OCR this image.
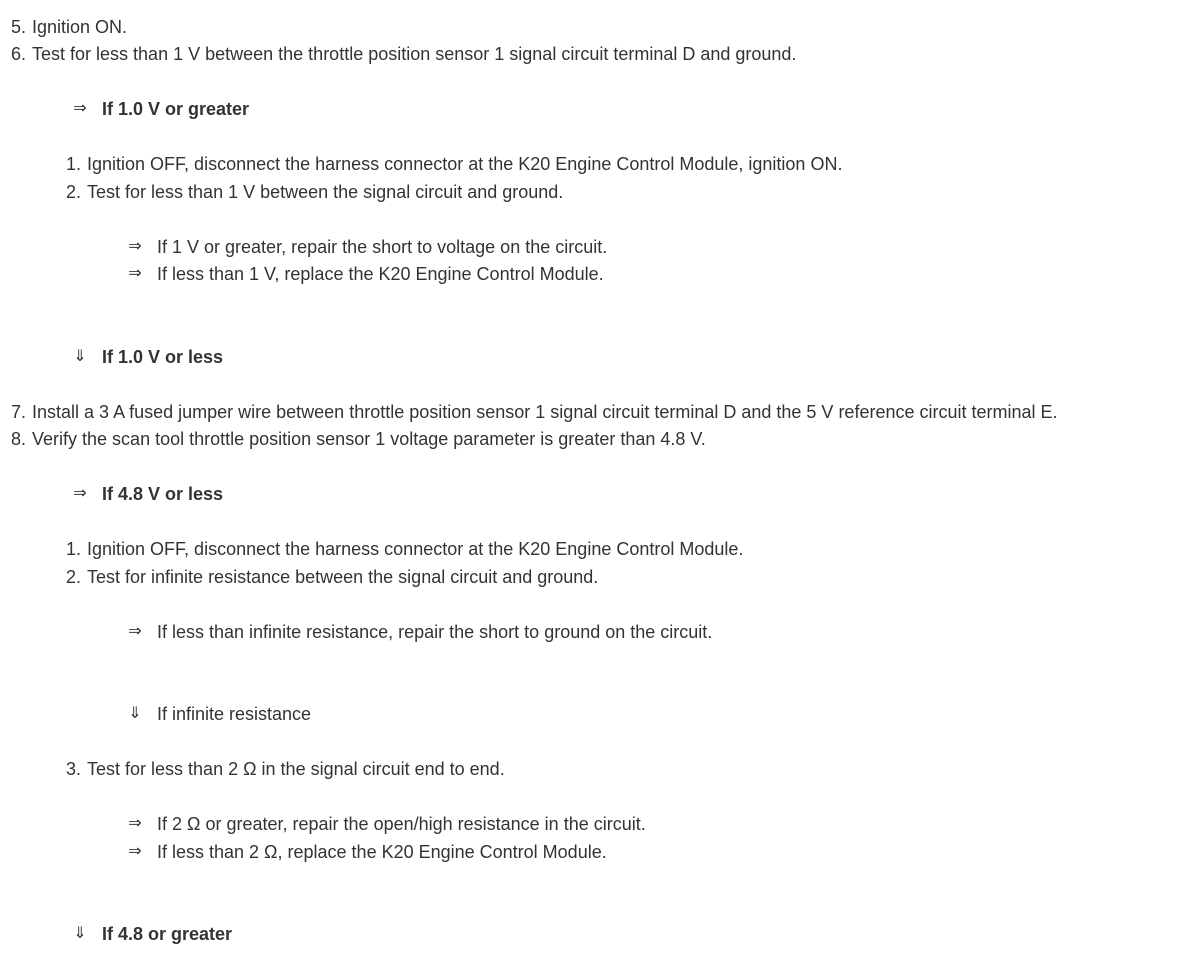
5. Ignition ON.
6. Test for less than 1 V between the throttle position sensor 1 signal circuit terminal D and ground.
⇒ If 1.0 V or greater
1. Ignition OFF, disconnect the harness connector at the K20 Engine Control Module, ignition ON.
2. Test for less than 1 V between the signal circuit and ground.
⇒ If 1 V or greater, repair the short to voltage on the circuit.
⇒ If less than 1 V, replace the K20 Engine Control Module.
⇓ If 1.0 V or less
7. Install a 3 A fused jumper wire between throttle position sensor 1 signal circuit terminal D and the 5 V reference circuit terminal E.
8. Verify the scan tool throttle position sensor 1 voltage parameter is greater than 4.8 V.
⇒ If 4.8 V or less
1. Ignition OFF, disconnect the harness connector at the K20 Engine Control Module.
2. Test for infinite resistance between the signal circuit and ground.
⇒ If less than infinite resistance, repair the short to ground on the circuit.
⇓ If infinite resistance
3. Test for less than 2 Ω in the signal circuit end to end.
⇒ If 2 Ω or greater, repair the open/high resistance in the circuit.
⇒ If less than 2 Ω, replace the K20 Engine Control Module.
⇓ If 4.8 or greater
